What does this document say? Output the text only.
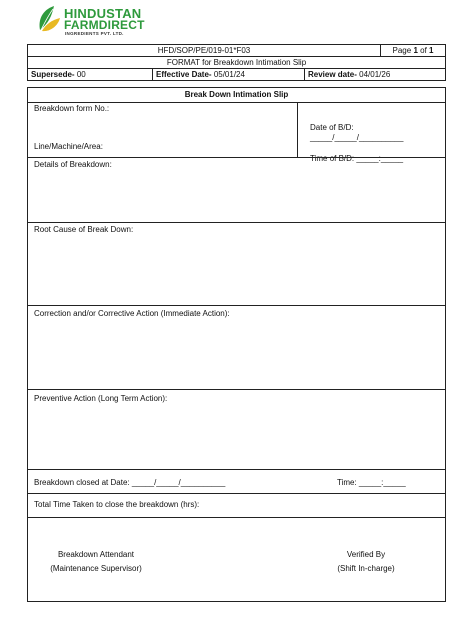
HINDUSTAN
FARMDIRECT
INGREDIENTS PVT. LTD.
HFD/SOP/PE/019-01*F03	Page 1 of 1
FORMAT for Breakdown Intimation Slip
Supersede- 00	Effective Date- 05/01/24	Review date- 04/01/26
Break Down Intimation Slip
Breakdown form No.:
Line/Machine/Area:
Date of B/D:
_____/_____/__________
Time of B/D: _____:_____
Details of Breakdown:
Root Cause of Break Down:
Correction and/or Corrective Action (Immediate Action):
Preventive Action (Long Term Action):
Breakdown closed at Date: _____/_____/__________	Time: _____:_____
Total Time Taken to close the breakdown (hrs):
Breakdown Attendant
(Maintenance Supervisor)
Verified By
(Shift In-charge)
